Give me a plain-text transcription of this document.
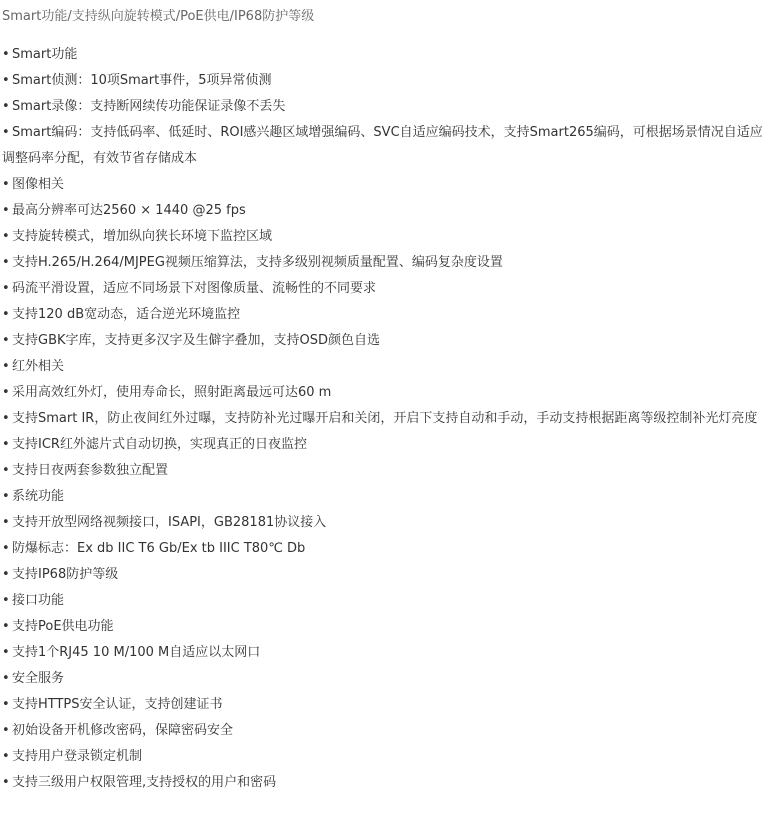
Smart功能/支持纵向旋转模式/PoE供电/IP68防护等级
• Smart功能
• Smart侦测：10项Smart事件，5项异常侦测
• Smart录像：支持断网续传功能保证录像不丢失
• Smart编码：支持低码率、低延时、ROI感兴趣区域增强编码、SVC自适应编码技术，支持Smart265编码，可根据场景情况自适应调整码率分配，有效节省存储成本
• 图像相关
• 最高分辨率可达2560 × 1440 @25 fps
• 支持旋转模式，增加纵向狭长环境下监控区域
• 支持H.265/H.264/MJPEG视频压缩算法，支持多级别视频质量配置、编码复杂度设置
• 码流平滑设置，适应不同场景下对图像质量、流畅性的不同要求
• 支持120 dB宽动态，适合逆光环境监控
• 支持GBK字库，支持更多汉字及生僻字叠加，支持OSD颜色自选
• 红外相关
• 采用高效红外灯，使用寿命长，照射距离最远可达60 m
• 支持Smart IR，防止夜间红外过曝，支持防补光过曝开启和关闭，开启下支持自动和手动，手动支持根据距离等级控制补光灯亮度
• 支持ICR红外滤片式自动切换，实现真正的日夜监控
• 支持日夜两套参数独立配置
• 系统功能
• 支持开放型网络视频接口，ISAPI，GB28181协议接入
• 防爆标志：Ex db IIC T6 Gb/Ex tb IIIC T80℃ Db
• 支持IP68防护等级
• 接口功能
• 支持PoE供电功能
• 支持1个RJ45 10 M/100 M自适应以太网口
• 安全服务
• 支持HTTPS安全认证，支持创建证书
• 初始设备开机修改密码，保障密码安全
• 支持用户登录锁定机制
• 支持三级用户权限管理,支持授权的用户和密码
